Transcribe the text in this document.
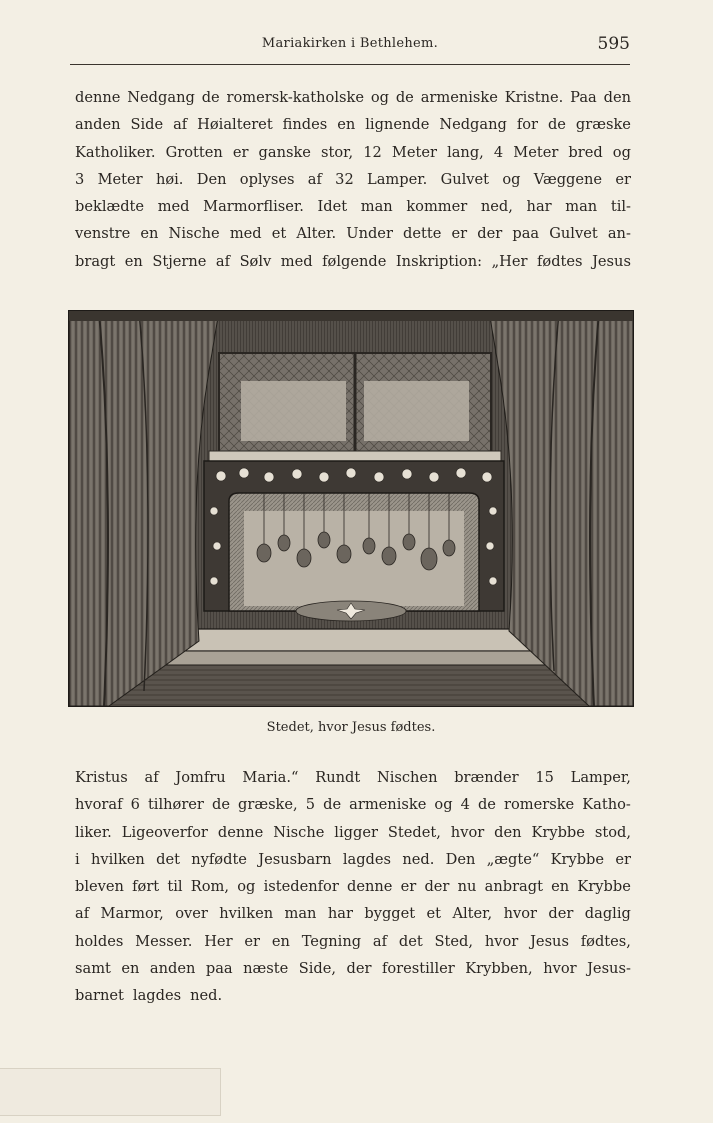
Mariakirken i Bethlehem.	595
denne Nedgang de romersk-katholske og de armeniske Kristne. Paa den
anden Side af Høialteret findes en lignende Nedgang for de græske
Katholiker. Grotten er ganske stor, 12 Meter lang, 4 Meter bred og
3 Meter høi. Den oplyses af 32 Lamper. Gulvet og Væggene er
beklædte med Marmorfliser. Idet man kommer ned, har man til-
venstre en Nische med et Alter. Under dette er der paa Gulvet an-
bragt en Stjerne af Sølv med følgende Inskription: „Her fødtes Jesus
Stedet, hvor Jesus fødtes.
Kristus af Jomfru Maria.“ Rundt Nischen brænder 15 Lamper,
hvoraf 6 tilhører de græske, 5 de armeniske og 4 de romerske Katho-
liker. Ligeoverfor denne Nische ligger Stedet, hvor den Krybbe stod,
i hvilken det nyfødte Jesusbarn lagdes ned. Den „ægte“ Krybbe er
bleven ført til Rom, og istedenfor denne er der nu anbragt en Krybbe
af Marmor, over hvilken man har bygget et Alter, hvor der daglig
holdes Messer. Her er en Tegning af det Sted, hvor Jesus fødtes,
samt en anden paa næste Side, der forestiller Krybben, hvor Jesus-
barnet lagdes ned.
